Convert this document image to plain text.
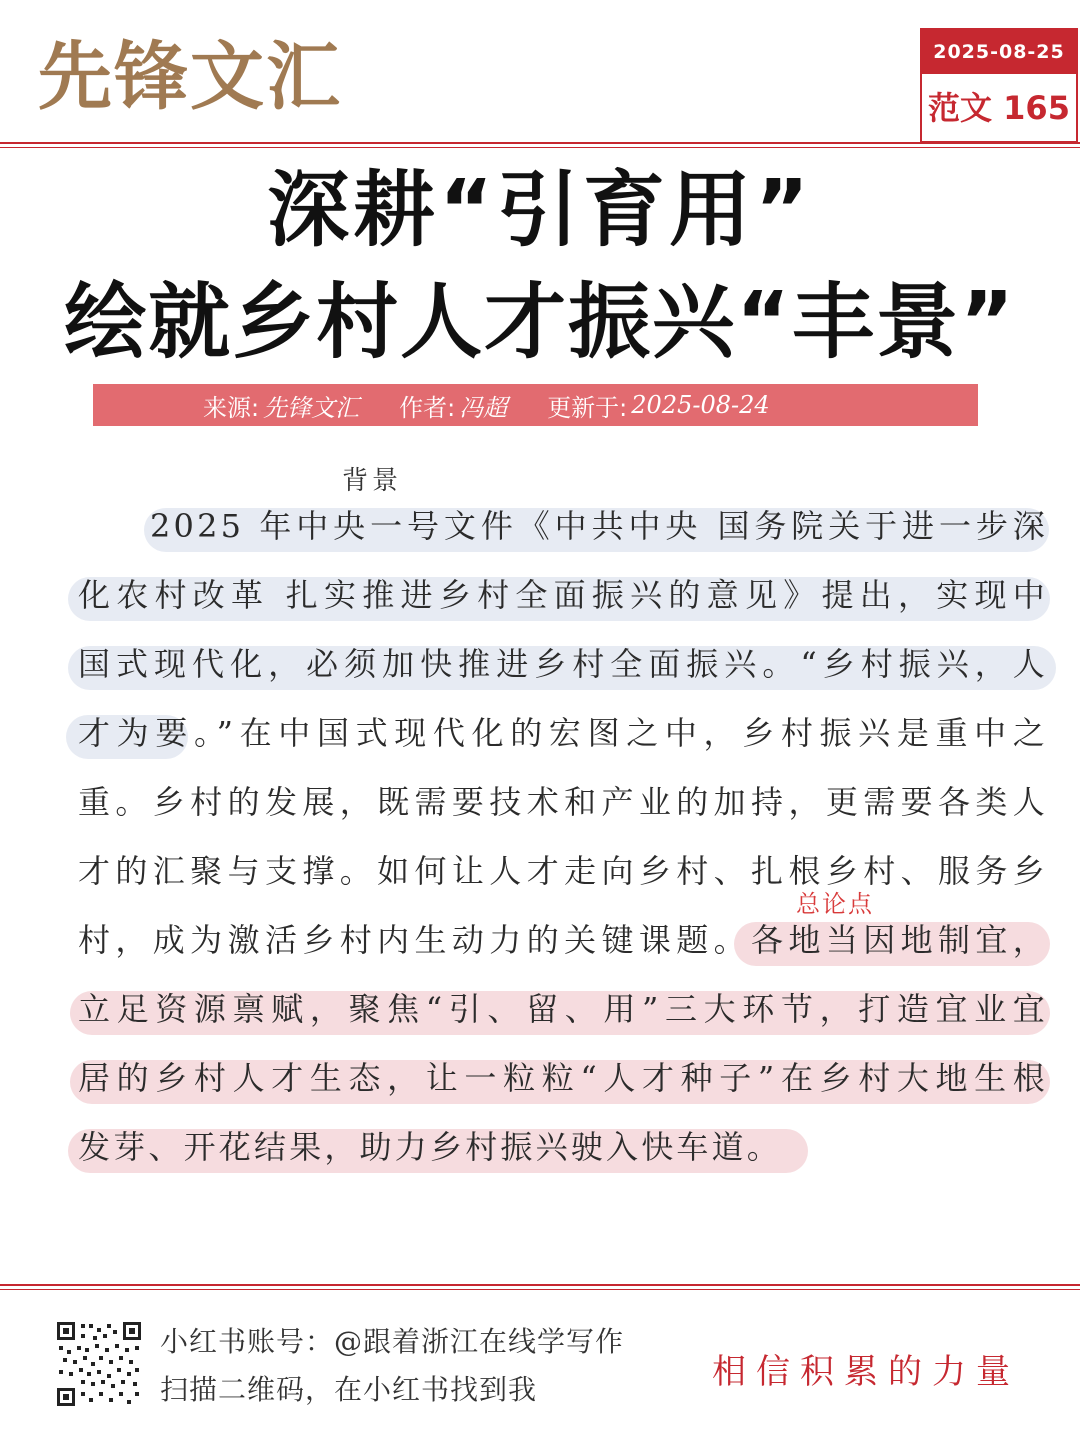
先锋文汇	2025-08-25
范文 165
深耕“引育用”
绘就乡村人才振兴“丰景”
来源: 先锋文汇 作者: 冯超 更新于: 2025-08-24
背景
总论点
2025 年中央一号文件《中共中央 国务院关于进一步深
化农村改革 扎实推进乡村全面振兴的意见》提出，实现中
国式现代化，必须加快推进乡村全面振兴。“乡村振兴，人
才为要。”在中国式现代化的宏图之中，乡村振兴是重中之
重。乡村的发展，既需要技术和产业的加持，更需要各类人
才的汇聚与支撑。如何让人才走向乡村、扎根乡村、服务乡
村，成为激活乡村内生动力的关键课题。各地当因地制宜，
立足资源禀赋，聚焦“引、留、用”三大环节，打造宜业宜
居的乡村人才生态，让一粒粒“人才种子”在乡村大地生根
发芽、开花结果，助力乡村振兴驶入快车道。
小红书账号：@跟着浙江在线学写作
扫描二维码，在小红书找到我	相信积累的力量
